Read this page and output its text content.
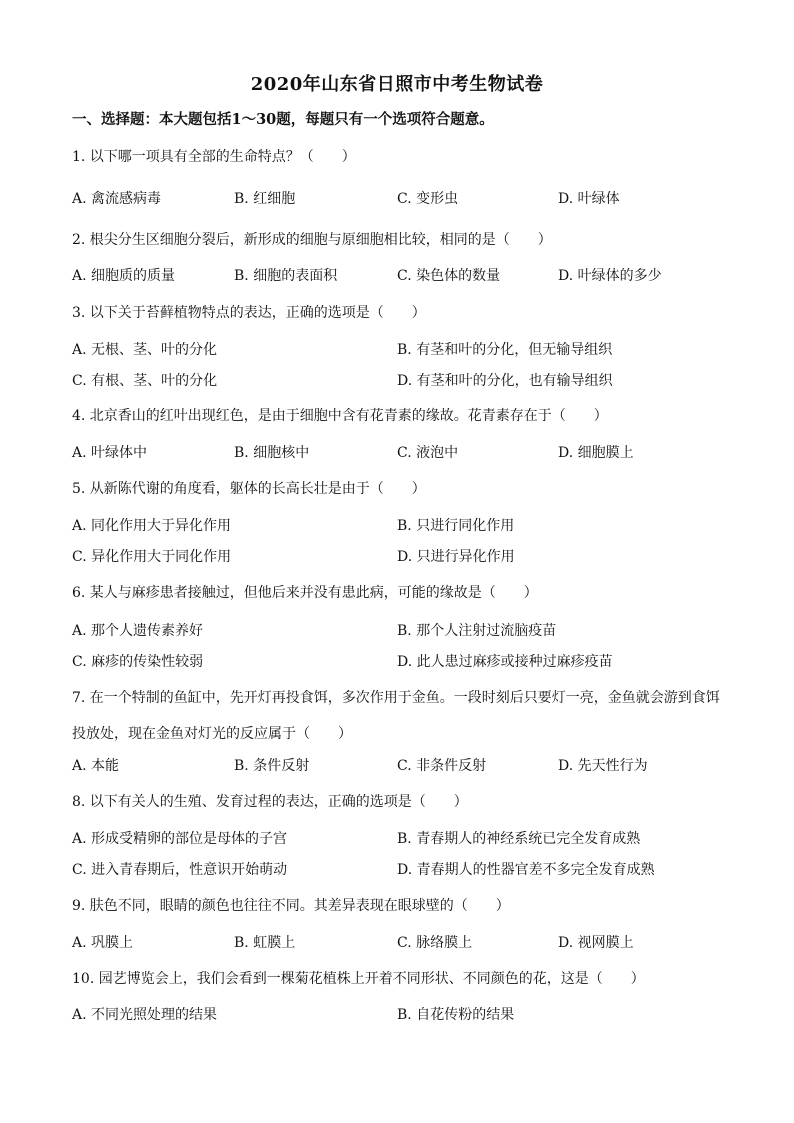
2020年山东省日照市中考生物试卷
一、选择题：本大题包括1～30题，每题只有一个选项符合题意。
1. 以下哪一项具有全部的生命特点？（　　）
A. 禽流感病毒	B. 红细胞	C. 变形虫	D. 叶绿体
2. 根尖分生区细胞分裂后，新形成的细胞与原细胞相比较，相同的是（　　）
A. 细胞质的质量	B. 细胞的表面积	C. 染色体的数量	D. 叶绿体的多少
3. 以下关于苔藓植物特点的表达，正确的选项是（　　）
A. 无根、茎、叶的分化	B. 有茎和叶的分化，但无输导组织
C. 有根、茎、叶的分化	D. 有茎和叶的分化，也有输导组织
4. 北京香山的红叶出现红色，是由于细胞中含有花青素的缘故。花青素存在于（　　）
A. 叶绿体中	B. 细胞核中	C. 液泡中	D. 细胞膜上
5. 从新陈代谢的角度看，躯体的长高长壮是由于（　　）
A. 同化作用大于异化作用	B. 只进行同化作用
C. 异化作用大于同化作用	D. 只进行异化作用
6. 某人与麻疹患者接触过，但他后来并没有患此病，可能的缘故是（　　）
A. 那个人遗传素养好	B. 那个人注射过流脑疫苗
C. 麻疹的传染性较弱	D. 此人患过麻疹或接种过麻疹疫苗
7. 在一个特制的鱼缸中，先开灯再投食饵，多次作用于金鱼。一段时刻后只要灯一亮，金鱼就会游到食饵
投放处，现在金鱼对灯光的反应属于（　　）
A. 本能	B. 条件反射	C. 非条件反射	D. 先天性行为
8. 以下有关人的生殖、发育过程的表达，正确的选项是（　　）
A. 形成受精卵的部位是母体的子宫	B. 青春期人的神经系统已完全发育成熟
C. 进入青春期后，性意识开始萌动	D. 青春期人的性器官差不多完全发育成熟
9. 肤色不同，眼睛的颜色也往往不同。其差异表现在眼球壁的（　　）
A. 巩膜上	B. 虹膜上	C. 脉络膜上	D. 视网膜上
10. 园艺博览会上，我们会看到一棵菊花植株上开着不同形状、不同颜色的花，这是（　　）
A. 不同光照处理的结果	B. 自花传粉的结果
